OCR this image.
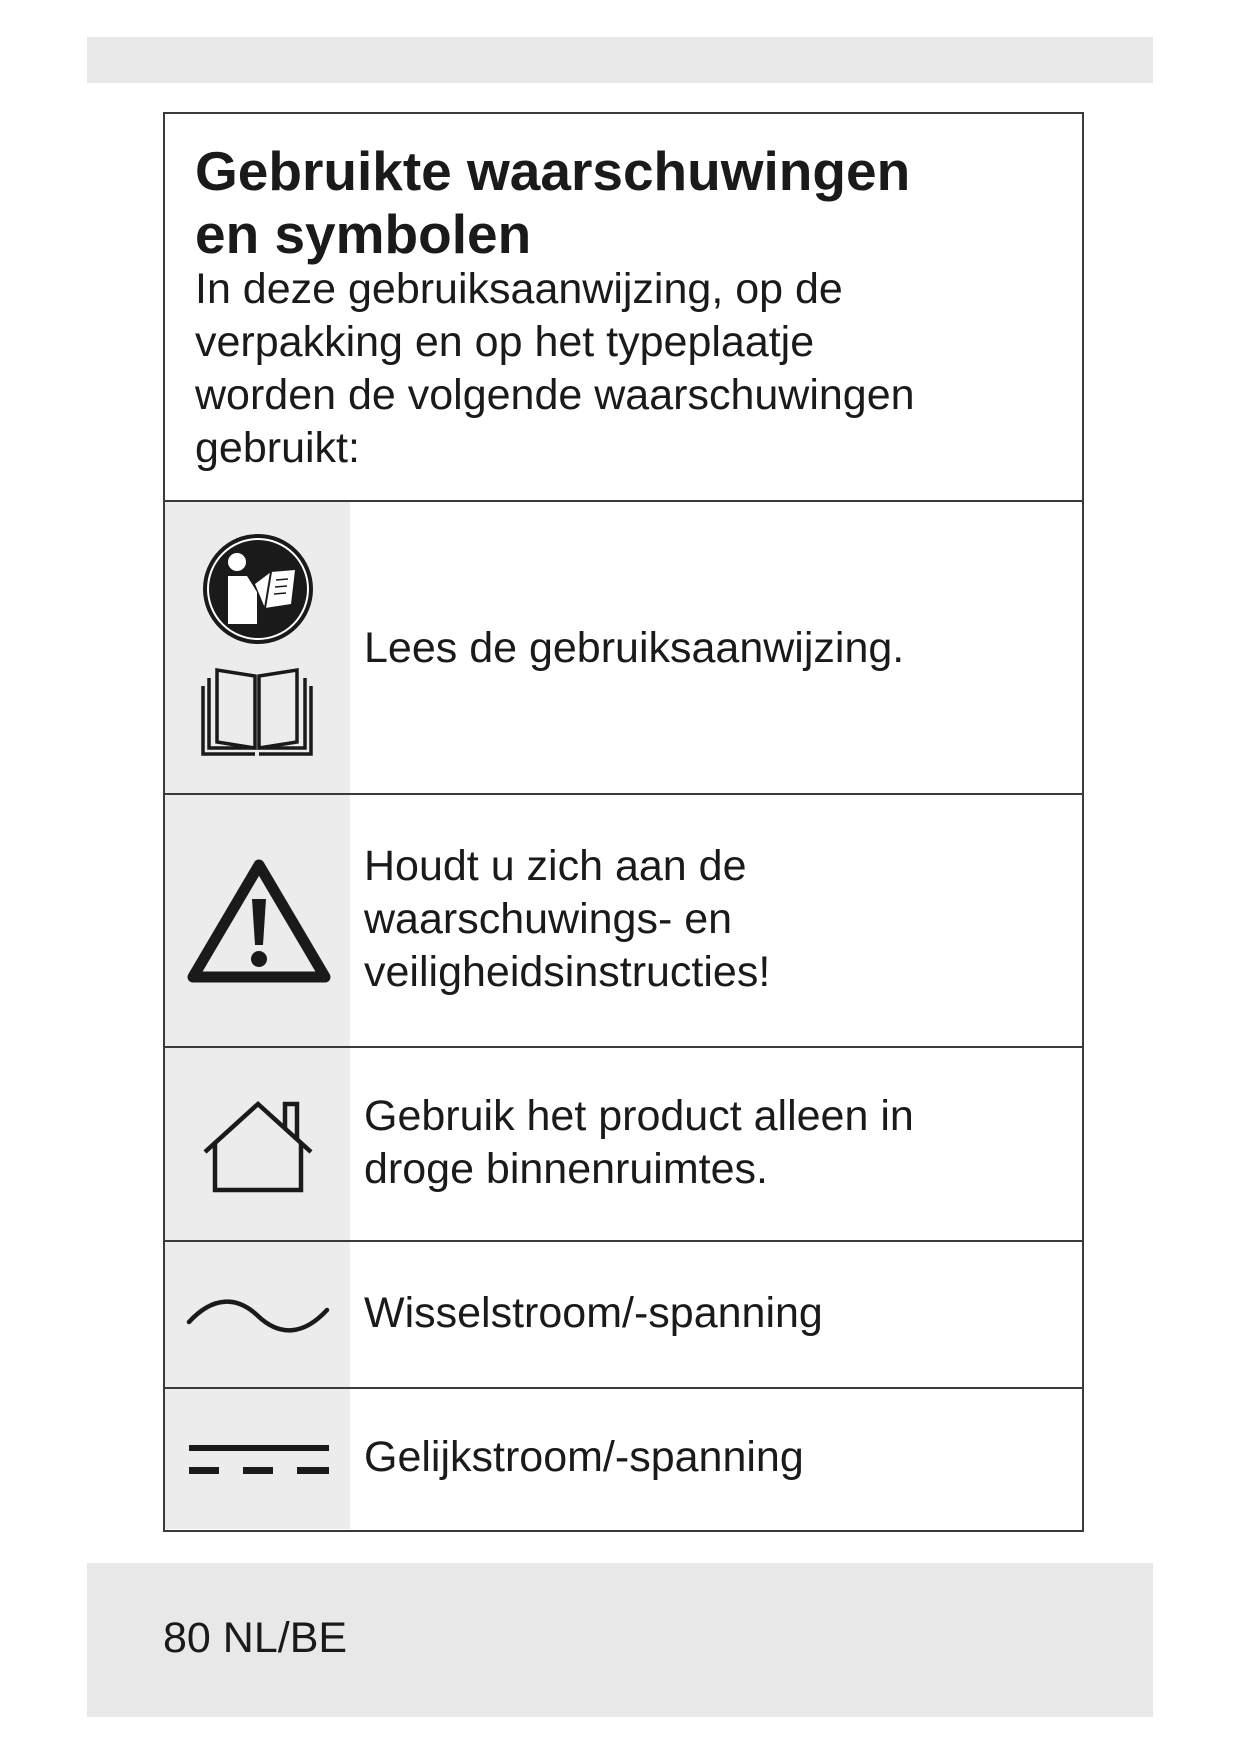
Gebruikte waarschuwingen
en symbolen

In deze gebruiksaanwijzing, op de
verpakking en op het typeplaatje
worden de volgende waarschuwingen
gebruikt:

Lees de gebruiksaanwijzing.

Houdt u zich aan de
waarschuwings- en
veiligheidsinstructies!

Gebruik het product alleen in
droge binnenruimtes.

Wisselstroom/-spanning

Gelijkstroom/-spanning

80 NL/BE
